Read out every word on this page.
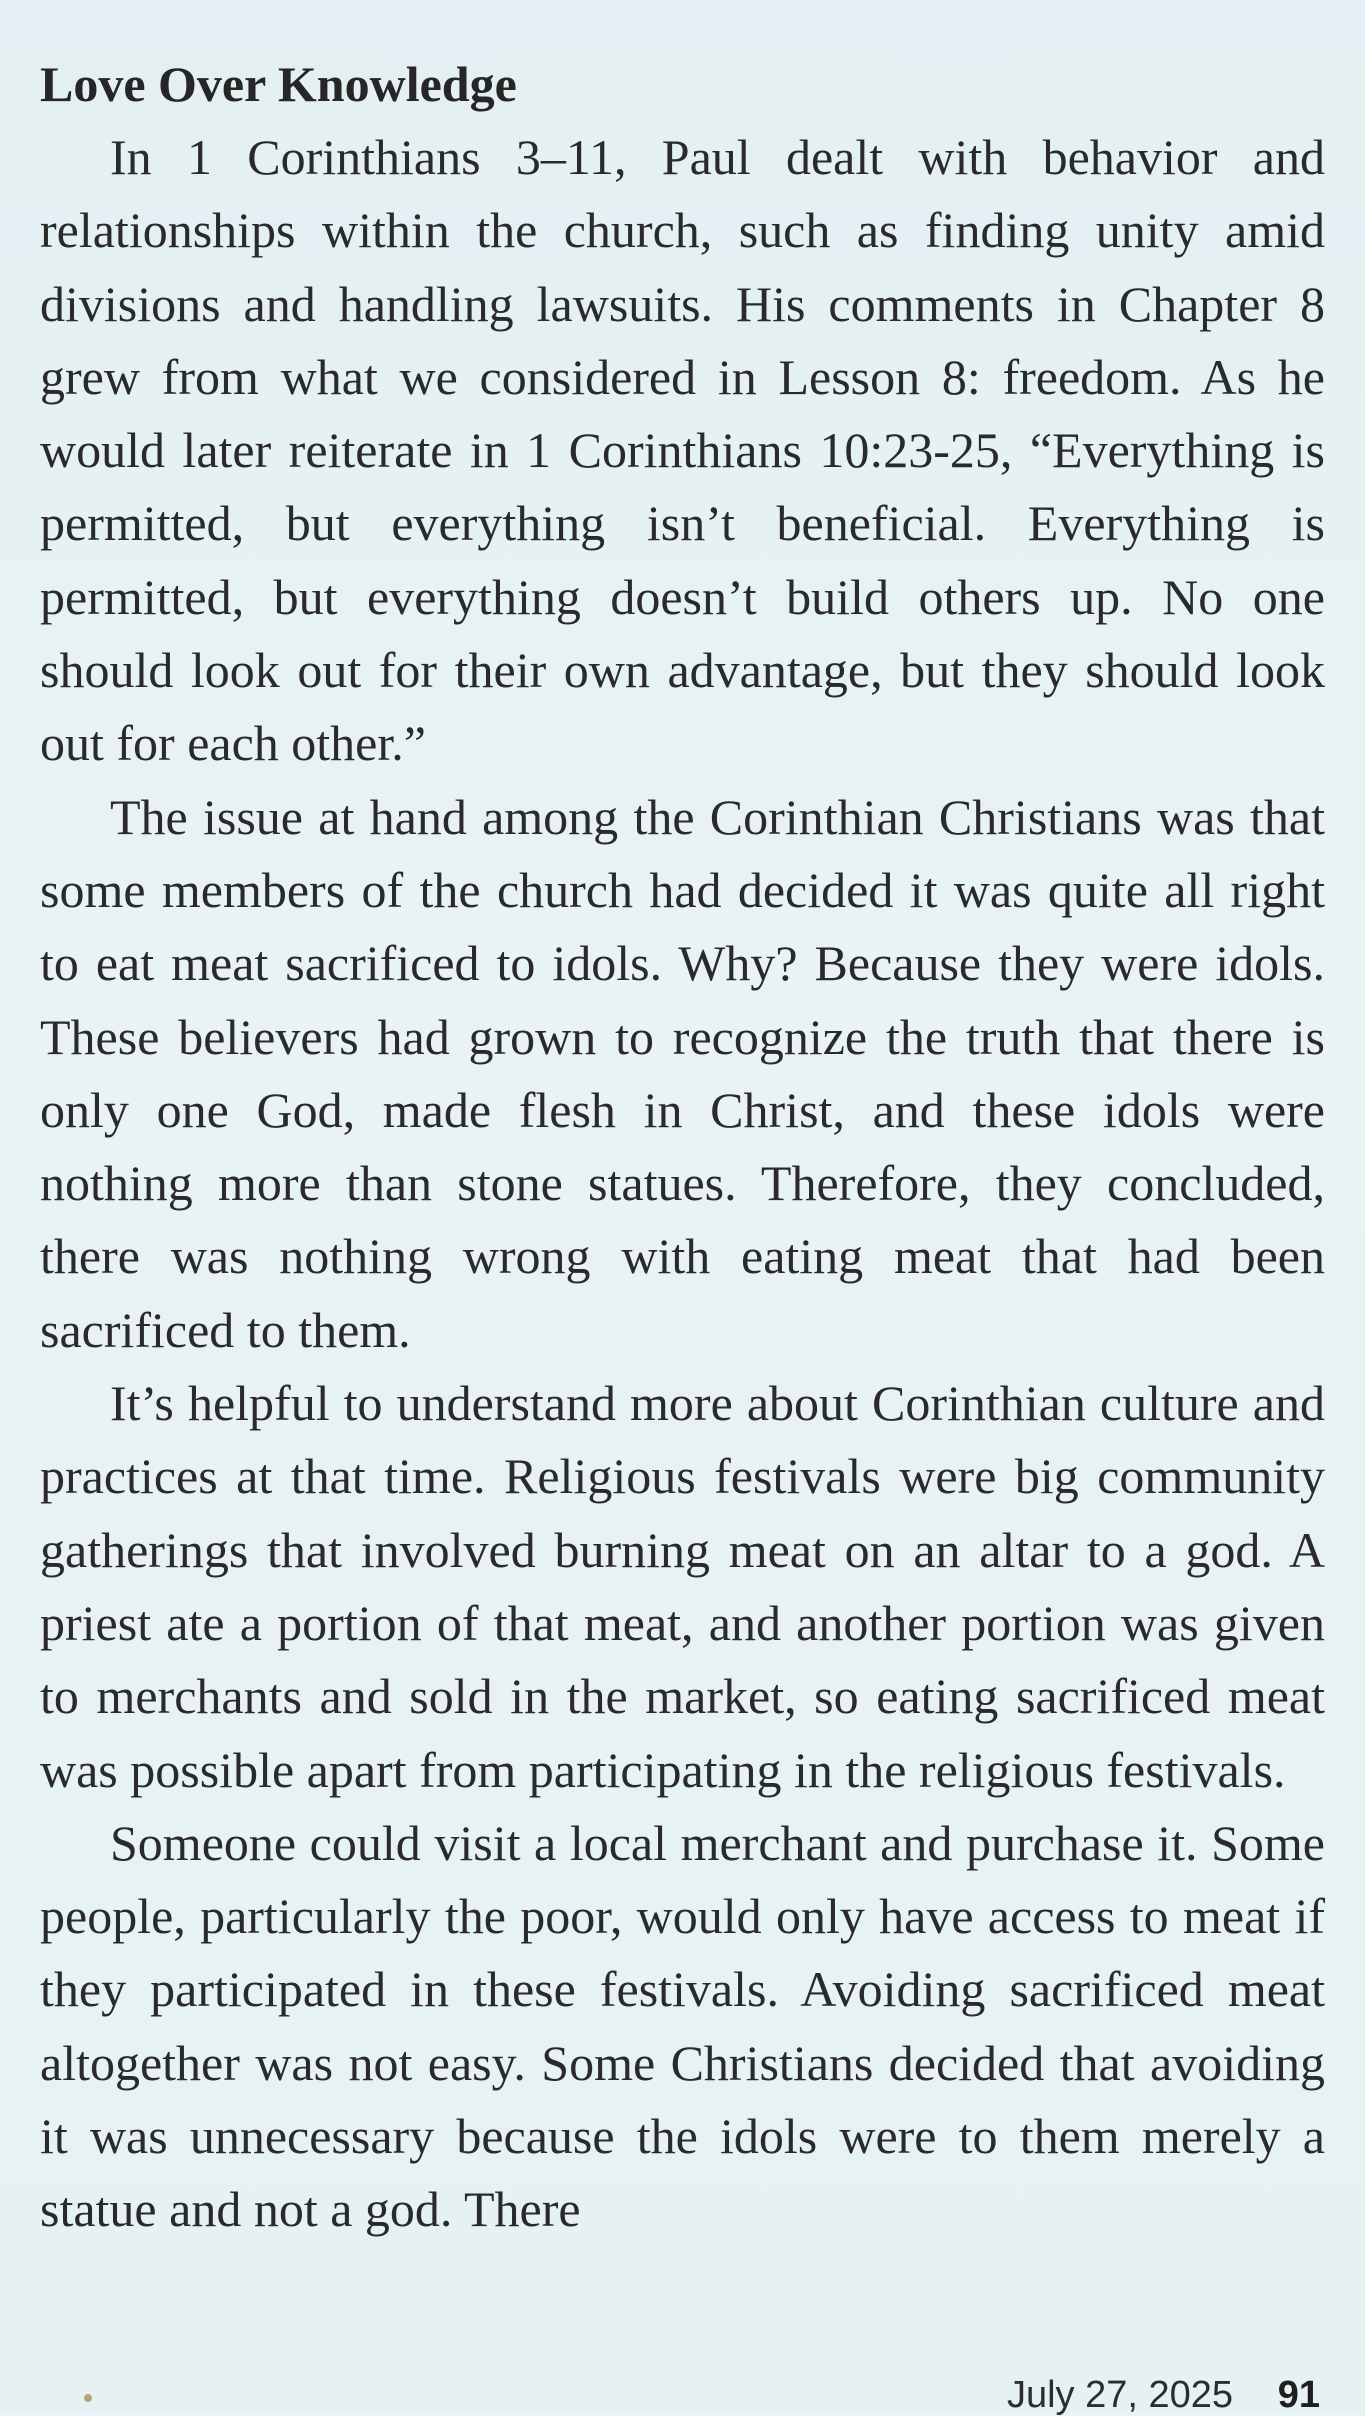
Love Over Knowledge

In 1 Corinthians 3–11, Paul dealt with behavior and relationships within the church, such as finding unity amid divisions and handling lawsuits. His comments in Chapter 8 grew from what we considered in Lesson 8: freedom. As he would later reiterate in 1 Corinthians 10:23-25, “Everything is permitted, but everything isn’t beneficial. Everything is permitted, but everything doesn’t build others up. No one should look out for their own advantage, but they should look out for each other.”

The issue at hand among the Corinthian Christians was that some members of the church had decided it was quite all right to eat meat sacrificed to idols. Why? Because they were idols. These believers had grown to recognize the truth that there is only one God, made flesh in Christ, and these idols were nothing more than stone statues. Therefore, they concluded, there was nothing wrong with eating meat that had been sacrificed to them.

It’s helpful to understand more about Corinthian culture and practices at that time. Religious festivals were big community gatherings that involved burning meat on an altar to a god. A priest ate a portion of that meat, and another portion was given to merchants and sold in the market, so eating sacrificed meat was possible apart from participating in the religious festivals.

Someone could visit a local merchant and purchase it. Some people, particularly the poor, would only have access to meat if they participated in these festivals. Avoiding sacrificed meat altogether was not easy. Some Christians decided that avoiding it was unnecessary because the idols were to them merely a statue and not a god. There

July 27, 2025 91
